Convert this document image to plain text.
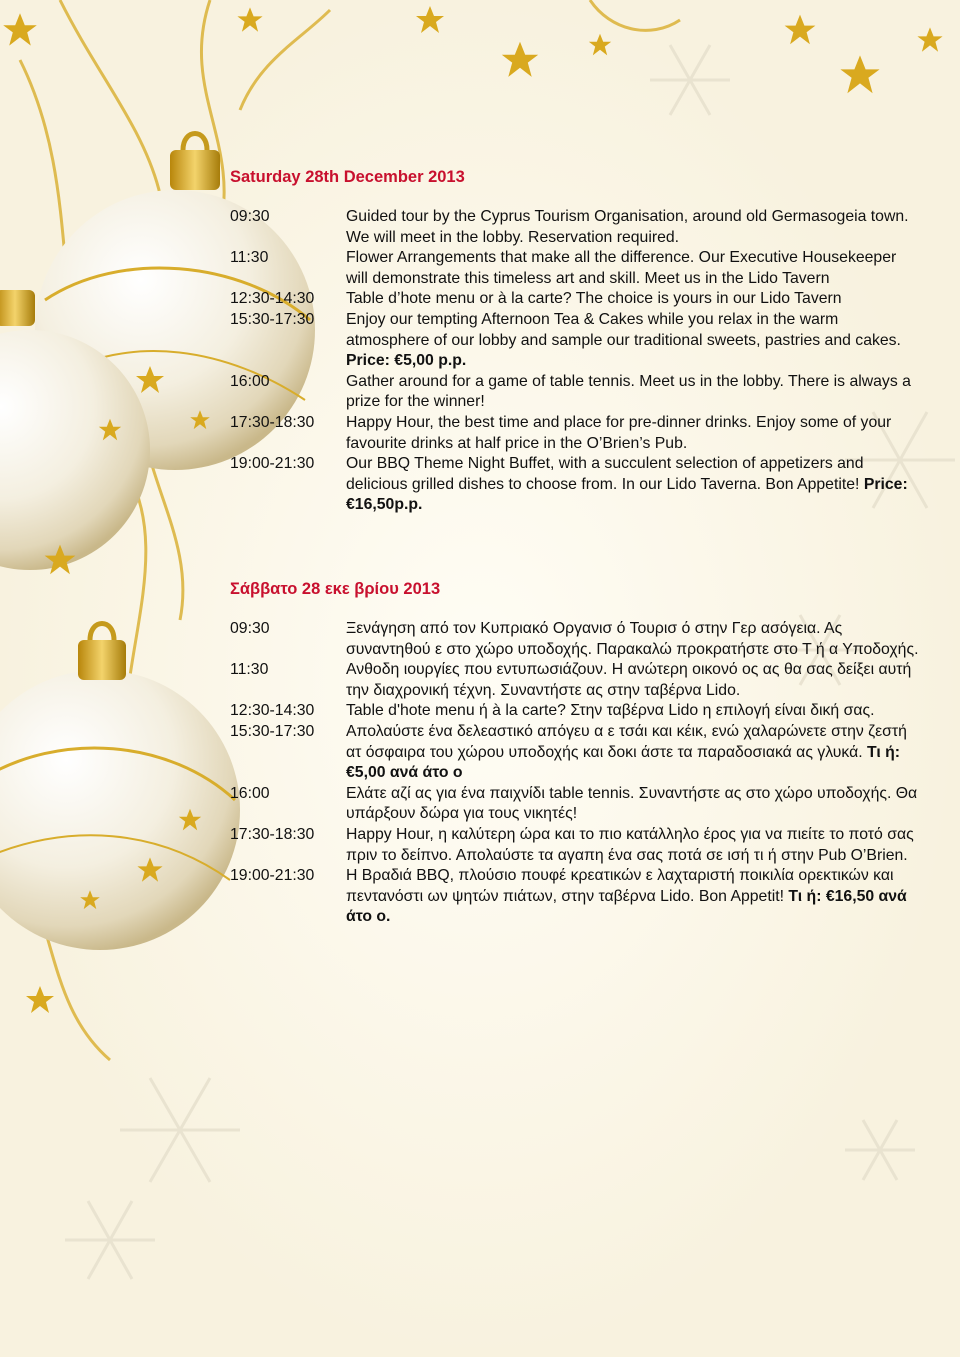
Saturday 28th December 2013
09:30	Guided tour by the Cyprus Tourism Organisation, around old Germasogeia town. We will meet in the lobby. Reservation required.
11:30	Flower Arrangements that make all the difference. Our Executive Housekeeper will demonstrate this timeless art and skill. Meet us in the Lido Tavern
12:30-14:30	Table d’hote menu or à la carte? The choice is yours in our Lido Tavern
15:30-17:30	Enjoy our tempting Afternoon Tea & Cakes while you relax in the warm atmosphere of our lobby and sample our traditional sweets, pastries and cakes. Price: €5,00 p.p.
16:00	Gather around for a game of table tennis. Meet us in the lobby. There is always a prize for the winner!
17:30-18:30	Happy Hour, the best time and place for pre-dinner drinks. Enjoy some of your favourite drinks at half price in the O’Brien’s Pub.
19:00-21:30	Our BBQ Theme Night Buffet, with a succulent selection of appetizers and delicious grilled dishes to choose from. In our Lido Taverna. Bon Appetite! Price: €16,50p.p.
Σάββατο 28 εκε βρίου 2013
09:30	Ξενάγηση από τον Κυπριακό Οργανισ ό Τουρισ ό στην Γερ ασόγεια. Ας συναντηθού ε στο χώρο υποδοχής. Παρακαλώ προκρατήστε στο Τ ή α Υποδοχής.
11:30	Ανθοδη ιουργίες που εντυπωσιάζουν. Η ανώτερη οικονό ος ας θα σας δείξει αυτή την διαχρονική τέχνη. Συναντήστε ας στην ταβέρνα Lido.
12:30-14:30	Table d'hote menu ή à la carte? Στην ταβέρνα Lido η επιλογή είναι δική σας.
15:30-17:30	Απολαύστε ένα δελεαστικό απόγευ α ε τσάι και κέικ, ενώ χαλαρώνετε στην ζεστή ατ όσφαιρα του χώρου υποδοχής και δοκι άστε τα παραδοσιακά ας γλυκά. Τι ή: €5,00 ανά άτο ο
16:00	Ελάτε αζί ας για ένα παιχνίδι table tennis. Συναντήστε ας στο χώρο υποδοχής. Θα υπάρξουν δώρα για τους νικητές!
17:30-18:30	Happy Hour, η καλύτερη ώρα και το πιο κατάλληλο έρος για να πιείτε το ποτό σας πριν το δείπνο. Απολαύστε τα αγαπη ένα σας ποτά σε ισή τι ή στην Pub O’Brien.
19:00-21:30	Η Βραδιά BBQ, πλούσιο πουφέ κρεατικών ε λαχταριστή ποικιλία ορεκτικών και πεντανόστι ων ψητών πιάτων, στην ταβέρνα Lido. Bon Appetit! Τι ή: €16,50 ανά άτο ο.
